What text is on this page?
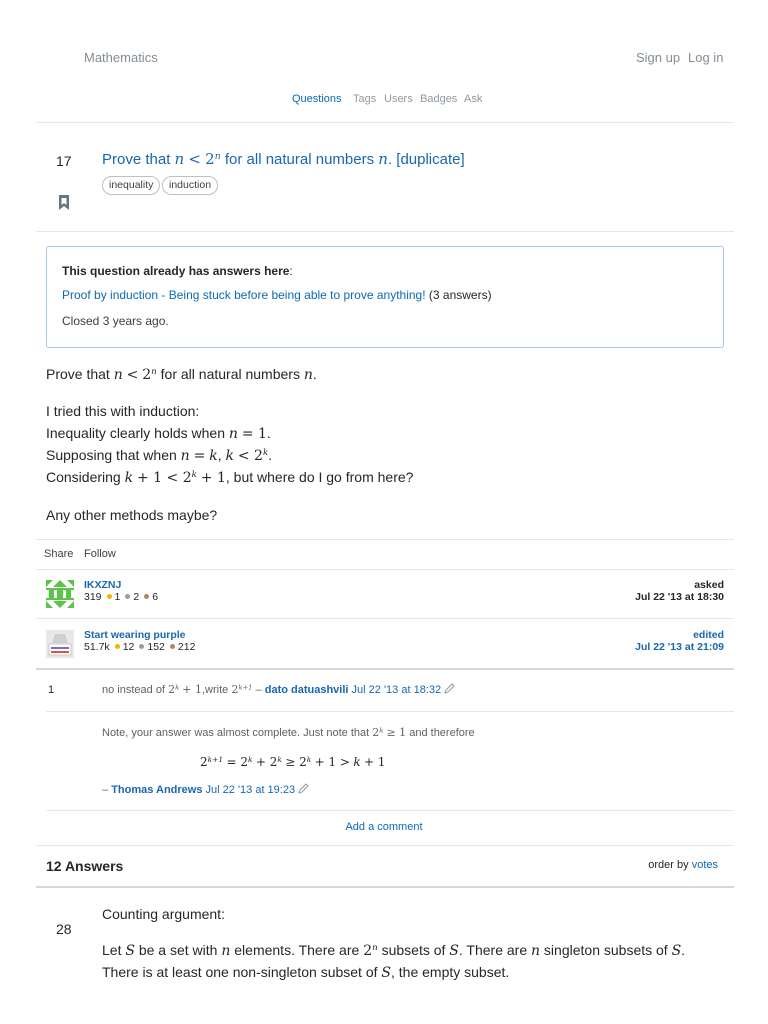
Mathematics	Sign up Log in
Questions Tags Users Badges Ask
17 Prove that $n < 2^n$ for all natural numbers n. [duplicate]
inequality	induction
This question already has answers here:
Proof by induction - Being stuck before being able to prove anything! (3 answers)
Closed 3 years ago.
Prove that $n < 2^n$ for all natural numbers n.
I tried this with induction:
Inequality clearly holds when n = 1.
Supposing that when n = k, $k < 2^k$.
Considering $k + 1 < 2^k + 1$, but where do I go from here?
Any other methods maybe?
Share Follow
IKXZNJ
319 1 2 6
asked
Jul 22 '13 at 18:30
Start wearing purple
51.7k 12 152 212
edited
Jul 22 '13 at 21:09
1	no instead of $2^k$ + 1,write $2^{k+1}$ – dato datuashvili Jul 22 '13 at 18:32
Note, your answer was almost complete. Just note that $2^k \ge 1$ and therefore
$2^{k+1} = 2^k + 2^k \ge 2^k + 1 > k + 1$
– Thomas Andrews Jul 22 '13 at 19:23
Add a comment
12 Answers	order by votes
28
Counting argument:
Let S be a set with n elements. There are 2$^n$ subsets of S. There are n singleton subsets of S.
There is at least one non-singleton subset of S, the empty subset.
